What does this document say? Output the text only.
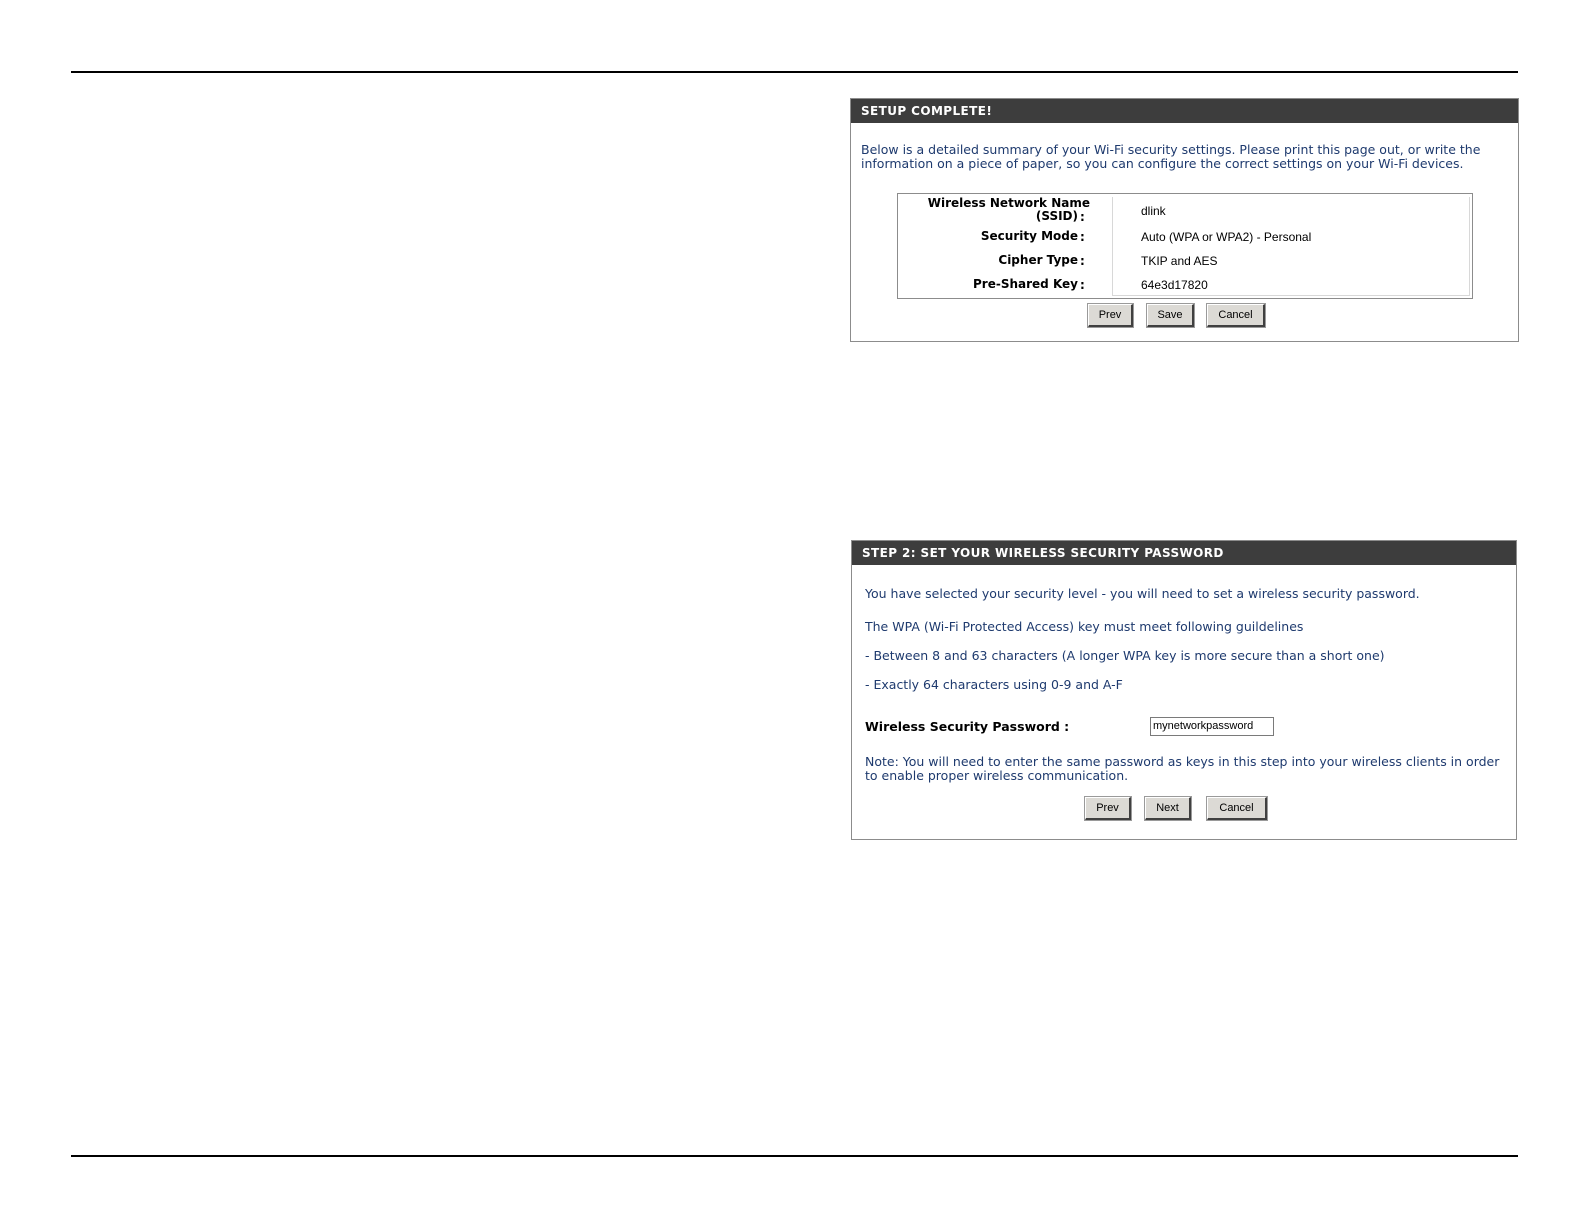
SETUP COMPLETE!
Below is a detailed summary of your Wi-Fi security settings. Please print this page out, or write the information on a piece of paper, so you can configure the correct settings on your Wi-Fi devices.
Wireless Network Name
(SSID) :	dlink
Security Mode :	Auto (WPA or WPA2) - Personal
Cipher Type :	TKIP and AES
Pre-Shared Key :	64e3d17820
Prev	Save	Cancel
STEP 2: SET YOUR WIRELESS SECURITY PASSWORD
You have selected your security level - you will need to set a wireless security password.
The WPA (Wi-Fi Protected Access) key must meet following guildelines
- Between 8 and 63 characters (A longer WPA key is more secure than a short one)
- Exactly 64 characters using 0-9 and A-F
Wireless Security Password :	mynetworkpassword
Note: You will need to enter the same password as keys in this step into your wireless clients in order to enable proper wireless communication.
Prev	Next	Cancel
